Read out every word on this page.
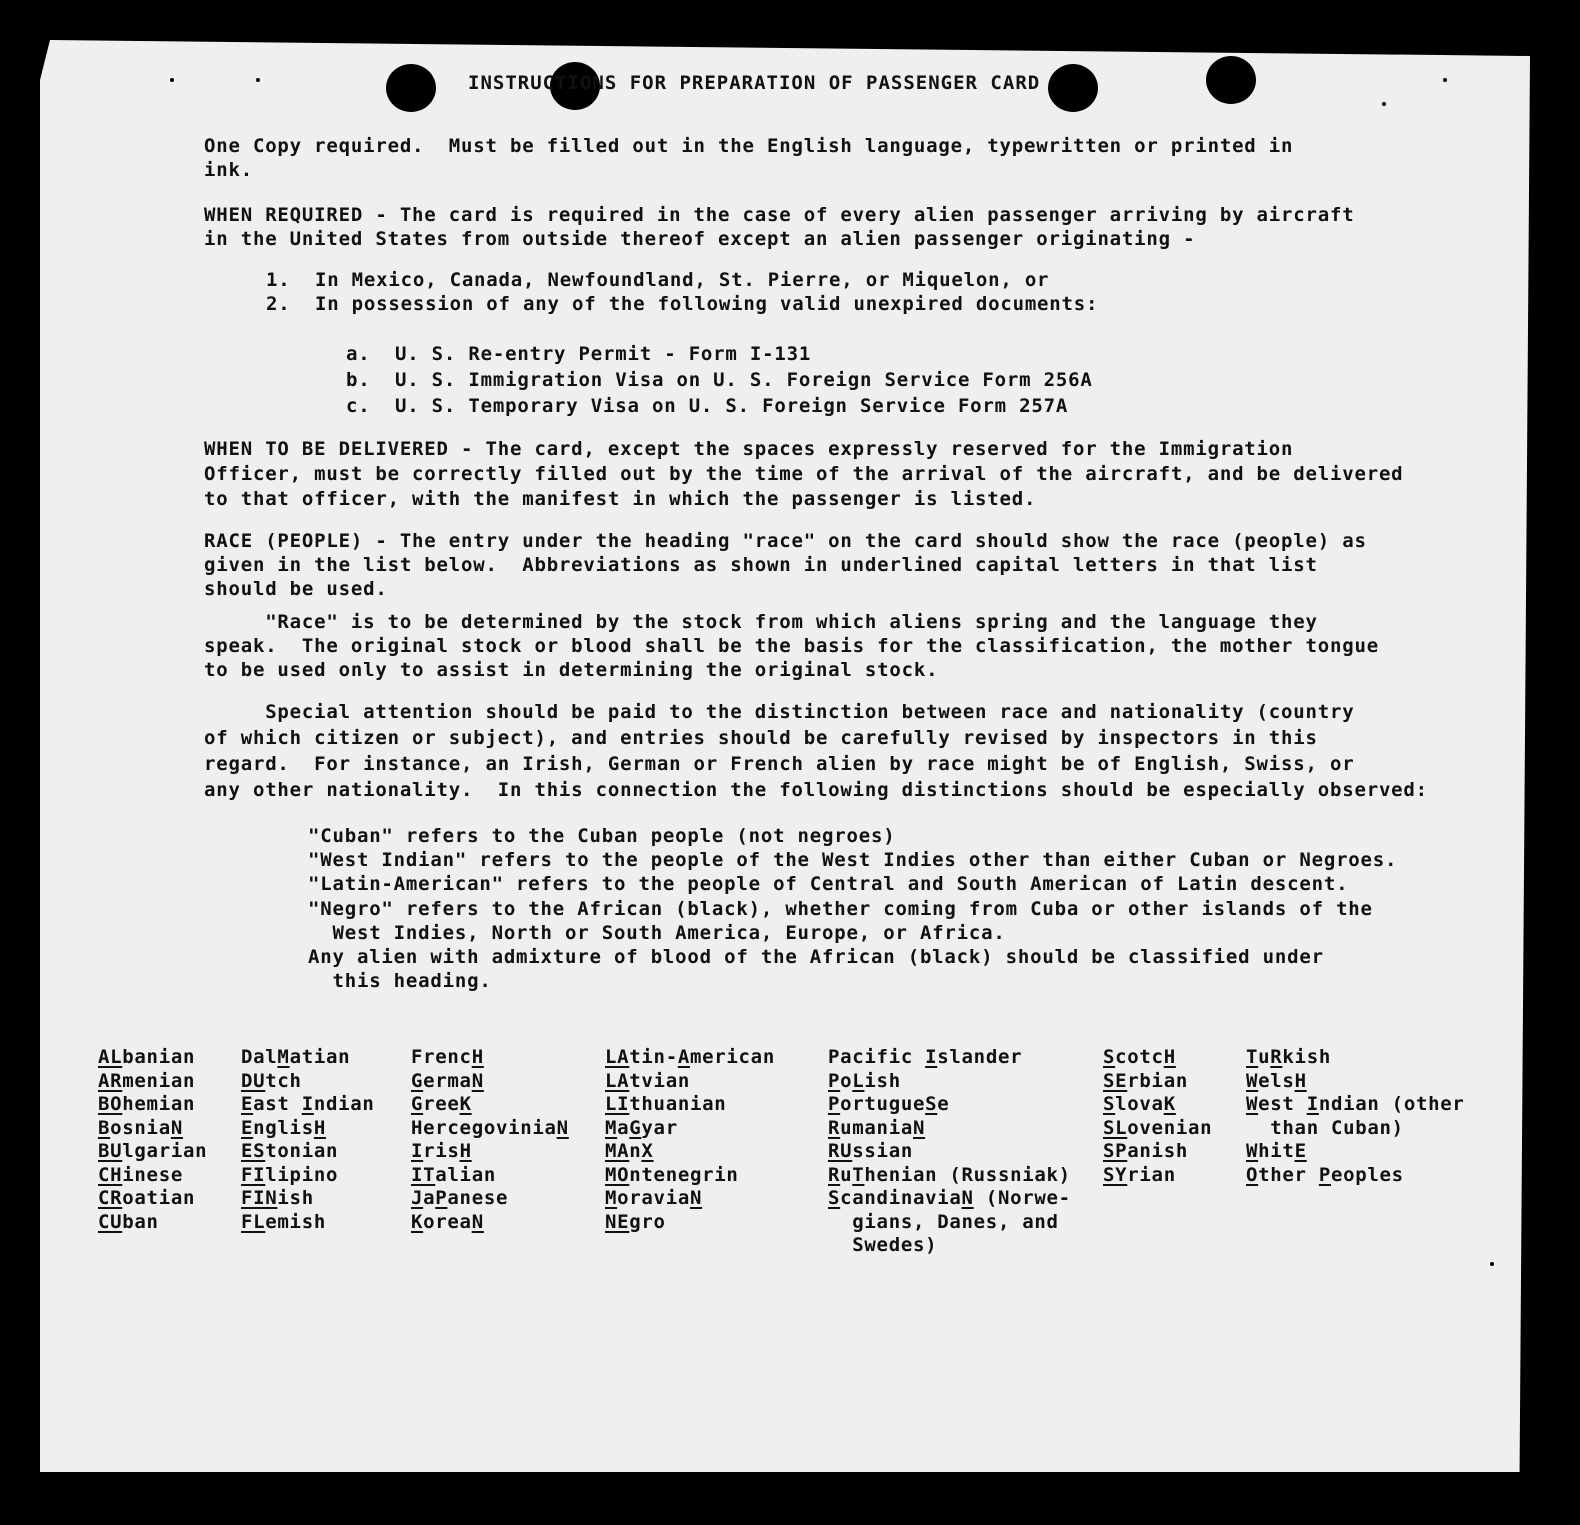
INSTRUCTIONS FOR PREPARATION OF PASSENGER CARD
One Copy required.  Must be filled out in the English language, typewritten or printed in
ink.
WHEN REQUIRED - The card is required in the case of every alien passenger arriving by aircraft
in the United States from outside thereof except an alien passenger originating -
1.  In Mexico, Canada, Newfoundland, St. Pierre, or Miquelon, or
2.  In possession of any of the following valid unexpired documents:
a.  U. S. Re-entry Permit - Form I-131
b.  U. S. Immigration Visa on U. S. Foreign Service Form 256A
c.  U. S. Temporary Visa on U. S. Foreign Service Form 257A
WHEN TO BE DELIVERED - The card, except the spaces expressly reserved for the Immigration
Officer, must be correctly filled out by the time of the arrival of the aircraft, and be delivered
to that officer, with the manifest in which the passenger is listed.
RACE (PEOPLE) - The entry under the heading "race" on the card should show the race (people) as
given in the list below.  Abbreviations as shown in underlined capital letters in that list
should be used.
"Race" is to be determined by the stock from which aliens spring and the language they
speak.  The original stock or blood shall be the basis for the classification, the mother tongue
to be used only to assist in determining the original stock.
Special attention should be paid to the distinction between race and nationality (country
of which citizen or subject), and entries should be carefully revised by inspectors in this
regard.  For instance, an Irish, German or French alien by race might be of English, Swiss, or
any other nationality.  In this connection the following distinctions should be especially observed:
"Cuban" refers to the Cuban people (not negroes)
"West Indian" refers to the people of the West Indies other than either Cuban or Negroes.
"Latin-American" refers to the people of Central and South American of Latin descent.
"Negro" refers to the African (black), whether coming from Cuba or other islands of the
West Indies, North or South America, Europe, or Africa.
Any alien with admixture of blood of the African (black) should be classified under
this heading.
ALbanian
ARmenian
BOhemian
BosniaN
BUlgarian
CHinese
CRoatian
CUban
DalMatian
DUtch
East Indian
EnglisH
EStonian
FIlipino
FINish
FLemish
FrencH
GermaN
GreeK
HercegoviniaN
IrisH
ITalian
JaPanese
KoreaN
LAtin-American
LAtvian
LIthuanian
MaGyar
MAnX
MOntenegrin
MoraviaN
NEgro
Pacific Islander
PoLish
PortugueSe
RumaniaN
RUssian
RuThenian (Russniak)
ScandinaviaN (Norwe-
gians, Danes, and
Swedes)
ScotcH
SErbian
SlovaK
SLovenian
SPanish
SYrian
TuRkish
WelsH
West Indian (other
than Cuban)
WhitE
Other Peoples
